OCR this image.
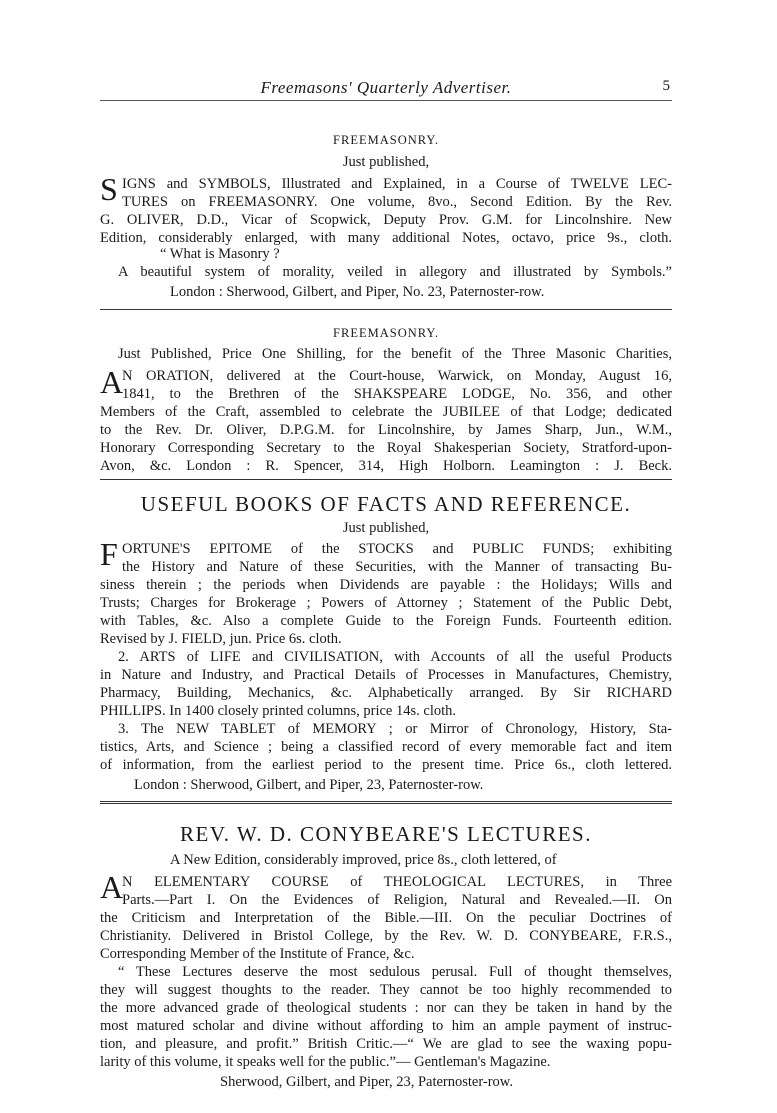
Freemasons' Quarterly Advertiser.	5
FREEMASONRY.
Just published,
S IGNS and SYMBOLS, Illustrated and Explained, in a Course of TWELVE LEC-
TURES on FREEMASONRY. One volume, 8vo., Second Edition. By the Rev.
G. OLIVER, D.D., Vicar of Scopwick, Deputy Prov. G.M. for Lincolnshire. New
Edition, considerably enlarged, with many additional Notes, octavo, price 9s., cloth.
“ What is Masonry ?
A beautiful system of morality, veiled in allegory and illustrated by Symbols.”
London : Sherwood, Gilbert, and Piper, No. 23, Paternoster-row.
FREEMASONRY.
Just Published, Price One Shilling, for the benefit of the Three Masonic Charities,
A
N ORATION, delivered at the Court-house, Warwick, on Monday, August 16,
1841, to the Brethren of the SHAKSPEARE LODGE, No. 356, and other
Members of the Craft, assembled to celebrate the JUBILEE of that Lodge; dedicated
to the Rev. Dr. Oliver, D.P.G.M. for Lincolnshire, by James Sharp, Jun., W.M.,
Honorary Corresponding Secretary to the Royal Shakesperian Society, Stratford-upon-
Avon, &c. London : R. Spencer, 314, High Holborn. Leamington : J. Beck.
USEFUL BOOKS OF FACTS AND REFERENCE.
Just published,
F ORTUNE'S EPITOME of the STOCKS and PUBLIC FUNDS; exhibiting
the History and Nature of these Securities, with the Manner of transacting Bu-
siness therein ; the periods when Dividends are payable : the Holidays; Wills and
Trusts; Charges for Brokerage ; Powers of Attorney ; Statement of the Public Debt,
with Tables, &c. Also a complete Guide to the Foreign Funds. Fourteenth edition.
Revised by J. FIELD, jun. Price 6s. cloth.
2. ARTS of LIFE and CIVILISATION, with Accounts of all the useful Products
in Nature and Industry, and Practical Details of Processes in Manufactures, Chemistry,
Pharmacy, Building, Mechanics, &c. Alphabetically arranged. By Sir RICHARD
PHILLIPS. In 1400 closely printed columns, price 14s. cloth.
3. The NEW TABLET of MEMORY ; or Mirror of Chronology, History, Sta-
tistics, Arts, and Science ; being a classified record of every memorable fact and item
of information, from the earliest period to the present time. Price 6s., cloth lettered.
London : Sherwood, Gilbert, and Piper, 23, Paternoster-row.
REV. W. D. CONYBEARE'S LECTURES.
A New Edition, considerably improved, price 8s., cloth lettered, of
A
N ELEMENTARY COURSE of THEOLOGICAL LECTURES, in Three
Parts.—Part I. On the Evidences of Religion, Natural and Revealed.—II. On
the Criticism and Interpretation of the Bible.—III. On the peculiar Doctrines of
Christianity. Delivered in Bristol College, by the Rev. W. D. CONYBEARE, F.R.S.,
Corresponding Member of the Institute of France, &c.
“ These Lectures deserve the most sedulous perusal. Full of thought themselves,
they will suggest thoughts to the reader. They cannot be too highly recommended to
the more advanced grade of theological students : nor can they be taken in hand by the
most matured scholar and divine without affording to him an ample payment of instruc-
tion, and pleasure, and profit.” British Critic.—“ We are glad to see the waxing popu-
larity of this volume, it speaks well for the public.”— Gentleman's Magazine.
Sherwood, Gilbert, and Piper, 23, Paternoster-row.
